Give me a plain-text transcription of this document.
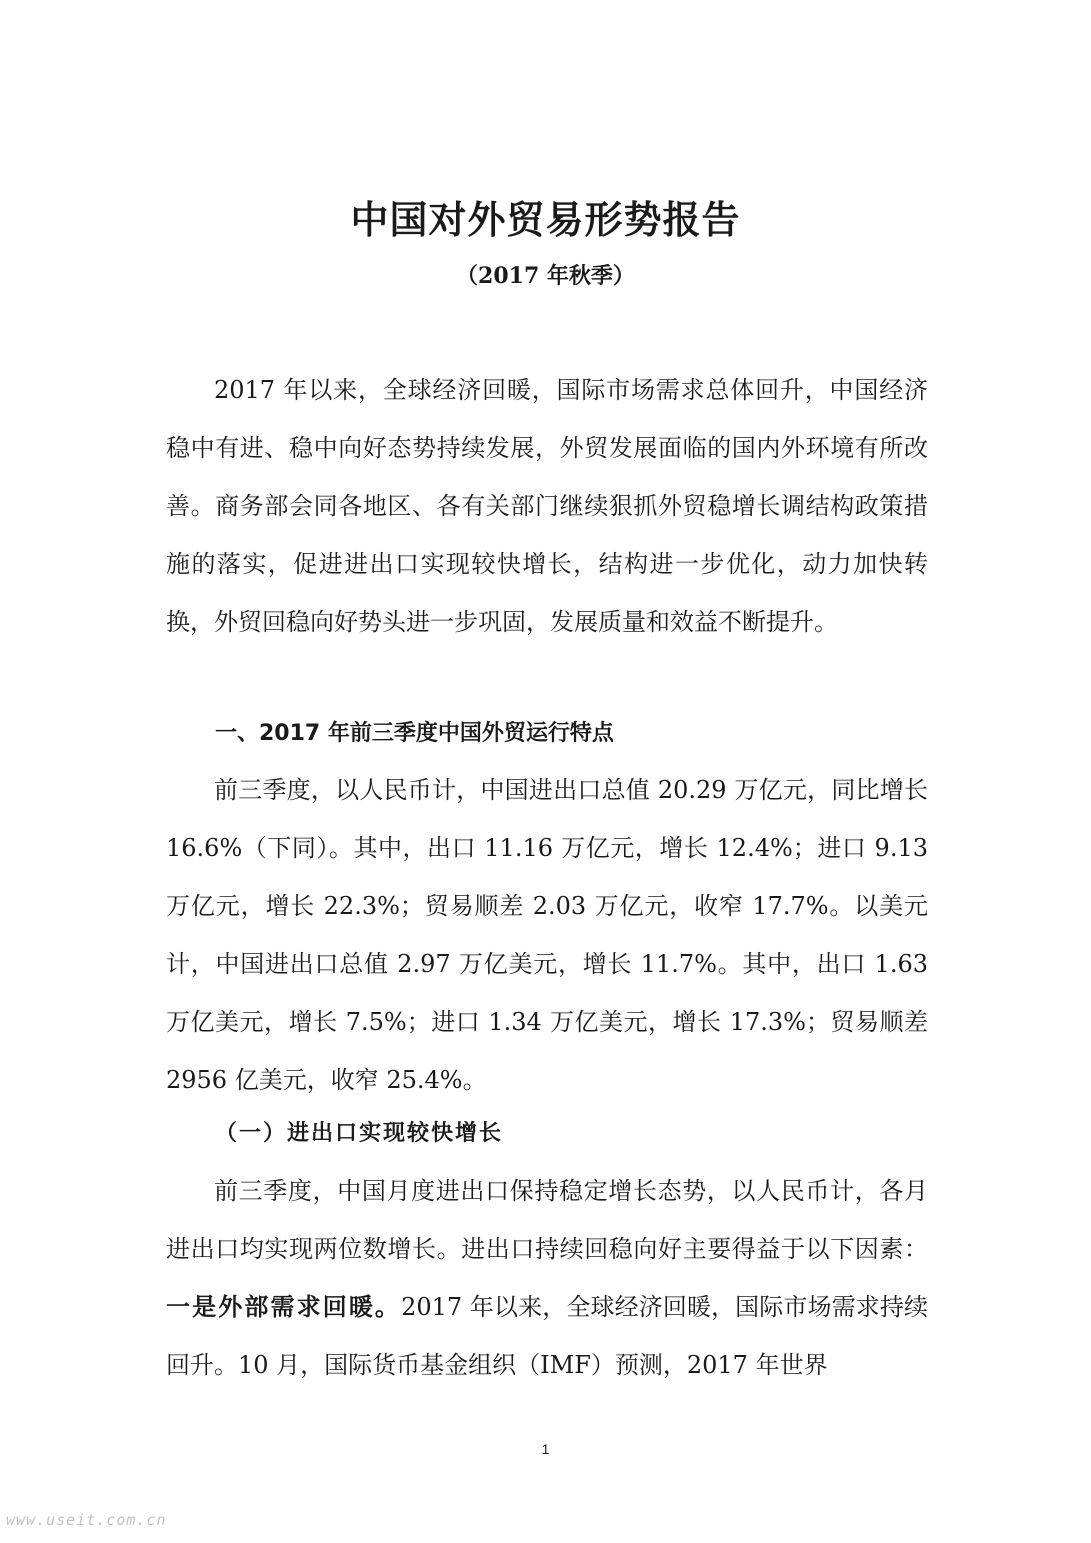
中国对外贸易形势报告

（2017 年秋季）

2017 年以来，全球经济回暖，国际市场需求总体回升，中国经济稳中有进、稳中向好态势持续发展，外贸发展面临的国内外环境有所改善。商务部会同各地区、各有关部门继续狠抓外贸稳增长调结构政策措施的落实，促进进出口实现较快增长，结构进一步优化，动力加快转换，外贸回稳向好势头进一步巩固，发展质量和效益不断提升。

一、2017 年前三季度中国外贸运行特点

前三季度，以人民币计，中国进出口总值 20.29 万亿元，同比增长 16.6%（下同）。其中，出口 11.16 万亿元，增长 12.4%；进口 9.13 万亿元，增长 22.3%；贸易顺差 2.03 万亿元，收窄 17.7%。以美元计，中国进出口总值 2.97 万亿美元，增长 11.7%。其中，出口 1.63 万亿美元，增长 7.5%；进口 1.34 万亿美元，增长 17.3%；贸易顺差 2956 亿美元，收窄 25.4%。

（一）进出口实现较快增长

前三季度，中国月度进出口保持稳定增长态势，以人民币计，各月进出口均实现两位数增长。进出口持续回稳向好主要得益于以下因素：一是外部需求回暖。2017 年以来，全球经济回暖，国际市场需求持续回升。10 月，国际货币基金组织（IMF）预测，2017 年世界

1
www.useit.com.cn
